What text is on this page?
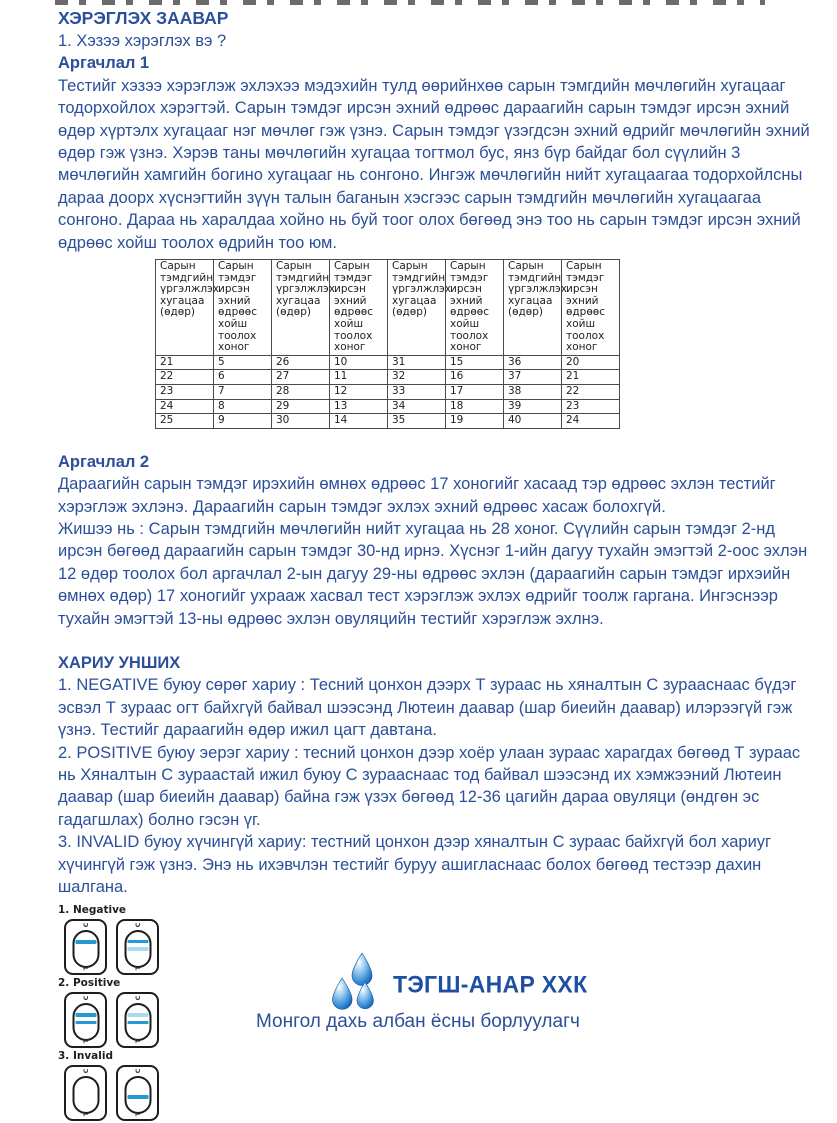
ХЭРЭГЛЭХ ЗААВАР

1. Хэзээ хэрэглэх вэ ?

Аргачлал 1

Тестийг хэзээ хэрэглэж эхлэхээ мэдэхийн тулд өөрийнхөө сарын тэмгдийн мөчлөгийн хугацааг тодорхойлох хэрэгтэй. Сарын тэмдэг ирсэн эхний өдрөөс дараагийн сарын тэмдэг ирсэн эхний өдөр хүртэлх хугацааг нэг мөчлөг гэж үзнэ. Сарын тэмдэг үзэгдсэн эхний өдрийг мөчлөгийн эхний өдөр гэж үзнэ. Хэрэв таны мөчлөгийн хугацаа тогтмол бус, янз бүр байдаг бол сүүлийн 3 мөчлөгийн хамгийн богино хугацааг нь сонгоно. Ингэж мөчлөгийн нийт хугацаагаа тодорхойлсны дараа доорх хүснэгтийн зүүн талын баганын хэсгээс сарын тэмдгийн мөчлөгийн хугацаагаа сонгоно. Дараа нь харалдаа хойно нь буй тоог олох бөгөөд энэ тоо нь сарын тэмдэг ирсэн эхний өдрөөс хойш тоолох өдрийн тоо юм.

Сарын тэмдгийн үргэлжлэх хугацаа (өдөр)	Сарын тэмдэг ирсэн эхний өдрөөс хойш тоолох хоног	Сарын тэмдгийн үргэлжлэх хугацаа (өдөр)	Сарын тэмдэг ирсэн эхний өдрөөс хойш тоолох хоног	Сарын тэмдгийн үргэлжлэх хугацаа (өдөр)	Сарын тэмдэг ирсэн эхний өдрөөс хойш тоолох хоног	Сарын тэмдгийн үргэлжлэх хугацаа (өдөр)	Сарын тэмдэг ирсэн эхний өдрөөс хойш тоолох хоног
21	5	26	10	31	15	36	20
22	6	27	11	32	16	37	21
23	7	28	12	33	17	38	22
24	8	29	13	34	18	39	23
25	9	30	14	35	19	40	24
Аргачлал 2

Дараагийн сарын тэмдэг ирэхийн өмнөх өдрөөс 17 хоногийг хасаад тэр өдрөөс эхлэн тестийг хэрэглэж эхлэнэ. Дараагийн сарын тэмдэг эхлэх эхний өдрөөс хасаж болохгүй.

Жишээ нь : Сарын тэмдгийн мөчлөгийн нийт хугацаа нь 28 хоног. Сүүлийн сарын тэмдэг 2-нд ирсэн бөгөөд дараагийн сарын тэмдэг 30-нд ирнэ. Хүснэг 1-ийн дагуу тухайн эмэгтэй 2-оос эхлэн 12 өдөр тоолох бол аргачлал 2-ын дагуу 29-ны өдрөөс эхлэн (дараагийн сарын тэмдэг ирхэийн өмнөх өдөр) 17 хоногийг ухрааж хасвал тест хэрэглэж эхлэх өдрийг тоолж гаргана. Ингэснээр тухайн эмэгтэй 13-ны өдрөөс эхлэн овуляцийн тестийг хэрэглэж эхлнэ.

ХАРИУ УНШИХ

1. NEGATIVE буюу сөрөг хариу : Тесний цонхон дээрх Т зураас нь хяналтын С зурааснаас бүдэг эсвэл Т зураас огт байхгүй байвал шээсэнд Лютеин даавар (шар биеийн даавар) илэрээгүй гэж үзнэ. Тестийг дараагийн өдөр ижил цагт давтана.

2. POSITIVE буюу эерэг хариу : тесний цонхон дээр хоёр улаан зураас харагдах бөгөөд Т зураас нь Хяналтын С зураастай ижил буюу С зурааснаас тод байвал шээсэнд их хэмжээний Лютеин даавар (шар биеийн даавар) байна гэж үзэх бөгөөд 12-36 цагийн дараа овуляци (өндгөн эс гадагшлах) болно гэсэн үг.

3. INVALID буюу хүчингүй хариу: тестний цонхон дээр хяналтын С зураас байхгүй бол хариуг хүчингүй гэж үзнэ. Энэ нь ихэвчлэн тестийг буруу ашигласнаас болох бөгөөд тестээр дахин шалгана.

1. Negative
C
T
C
T
2. Positive
C
T
C
T
3. Invalid
C
T
C
T
ТЭГШ-АНАР ХХК
Монгол дахь албан ёсны борлуулагч
